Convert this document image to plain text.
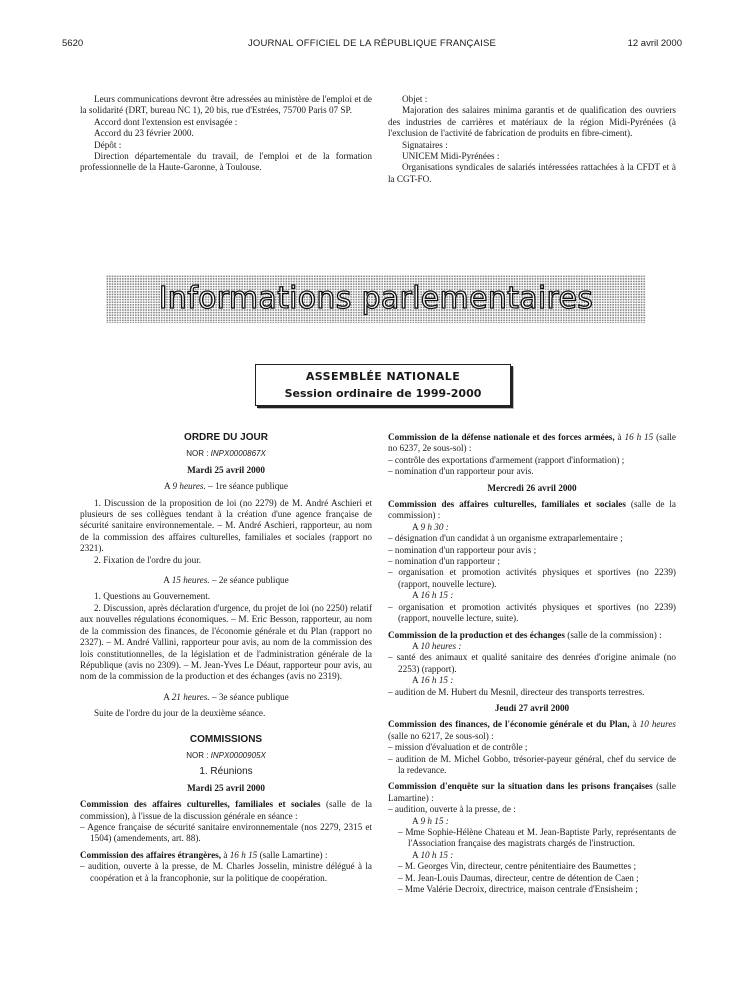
5620	JOURNAL OFFICIEL DE LA RÉPUBLIQUE FRANÇAISE	12 avril 2000

Leurs communications devront être adressées au ministère de l'emploi et de la solidarité (DRT, bureau NC 1), 20 bis, rue d'Estrées, 75700 Paris 07 SP.

Accord dont l'extension est envisagée :

Accord du 23 février 2000.

Dépôt :

Direction départementale du travail, de l'emploi et de la formation professionnelle de la Haute-Garonne, à Toulouse.

Objet :

Majoration des salaires minima garantis et de qualification des ouvriers des industries de carrières et matériaux de la région Midi-Pyrénées (à l'exclusion de l'activité de fabrication de produits en fibre-ciment).

Signataires :

UNICEM Midi-Pyrénées :

Organisations syndicales de salariés intéressées rattachées à la CFDT et à la CGT-FO.

Informations parlementaires
ASSEMBLÉE NATIONALE
Session ordinaire de 1999-2000

ORDRE DU JOUR

NOR : INPX0000867X

Mardi 25 avril 2000

A 9 heures. – 1re séance publique

1. Discussion de la proposition de loi (no 2279) de M. André Aschieri et plusieurs de ses collègues tendant à la création d'une agence française de sécurité sanitaire environnementale. – M. André Aschieri, rapporteur, au nom de la commission des affaires culturelles, familiales et sociales (rapport no 2321).

2. Fixation de l'ordre du jour.

A 15 heures. – 2e séance publique

1. Questions au Gouvernement.

2. Discussion, après déclaration d'urgence, du projet de loi (no 2250) relatif aux nouvelles régulations économiques. – M. Eric Besson, rapporteur, au nom de la commission des finances, de l'économie générale et du Plan (rapport no 2327). – M. André Vallini, rapporteur pour avis, au nom de la commission des lois constitutionnelles, de la législation et de l'administration générale de la République (avis no 2309). – M. Jean-Yves Le Déaut, rapporteur pour avis, au nom de la commission de la production et des échanges (avis no 2319).

A 21 heures. – 3e séance publique

Suite de l'ordre du jour de la deuxième séance.

COMMISSIONS

NOR : INPX0000905X

1. Réunions

Mardi 25 avril 2000

Commission des affaires culturelles, familiales et sociales (salle de la commission), à l'issue de la discussion générale en séance :

– Agence française de sécurité sanitaire environnementale (nos 2279, 2315 et 1504) (amendements, art. 88).

Commission des affaires étrangères, à 16 h 15 (salle Lamartine) :

– audition, ouverte à la presse, de M. Charles Josselin, ministre délégué à la coopération et à la francophonie, sur la politique de coopération.

Commission de la défense nationale et des forces armées, à 16 h 15 (salle no 6237, 2e sous-sol) :

– contrôle des exportations d'armement (rapport d'information) ;

– nomination d'un rapporteur pour avis.

Mercredi 26 avril 2000

Commission des affaires culturelles, familiales et sociales (salle de la commission) :

A 9 h 30 :

– désignation d'un candidat à un organisme extraparlementaire ;

– nomination d'un rapporteur pour avis ;

– nomination d'un rapporteur ;

– organisation et promotion activités physiques et sportives (no 2239) (rapport, nouvelle lecture).

A 16 h 15 :

– organisation et promotion activités physiques et sportives (no 2239) (rapport, nouvelle lecture, suite).

Commission de la production et des échanges (salle de la commission) :

A 10 heures :

– santé des animaux et qualité sanitaire des denrées d'origine animale (no 2253) (rapport).

A 16 h 15 :

– audition de M. Hubert du Mesnil, directeur des transports terrestres.

Jeudi 27 avril 2000

Commission des finances, de l'économie générale et du Plan, à 10 heures (salle no 6217, 2e sous-sol) :

– mission d'évaluation et de contrôle ;

– audition de M. Michel Gobbo, trésorier-payeur général, chef du service de la redevance.

Commission d'enquête sur la situation dans les prisons françaises (salle Lamartine) :

– audition, ouverte à la presse, de :

A 9 h 15 :

– Mme Sophie-Hélène Chateau et M. Jean-Baptiste Parly, représentants de l'Association française des magistrats chargés de l'instruction.

A 10 h 15 :

– M. Georges Vin, directeur, centre pénitentiaire des Baumettes ;

– M. Jean-Louis Daumas, directeur, centre de détention de Caen ;

– Mme Valérie Decroix, directrice, maison centrale d'Ensisheim ;
